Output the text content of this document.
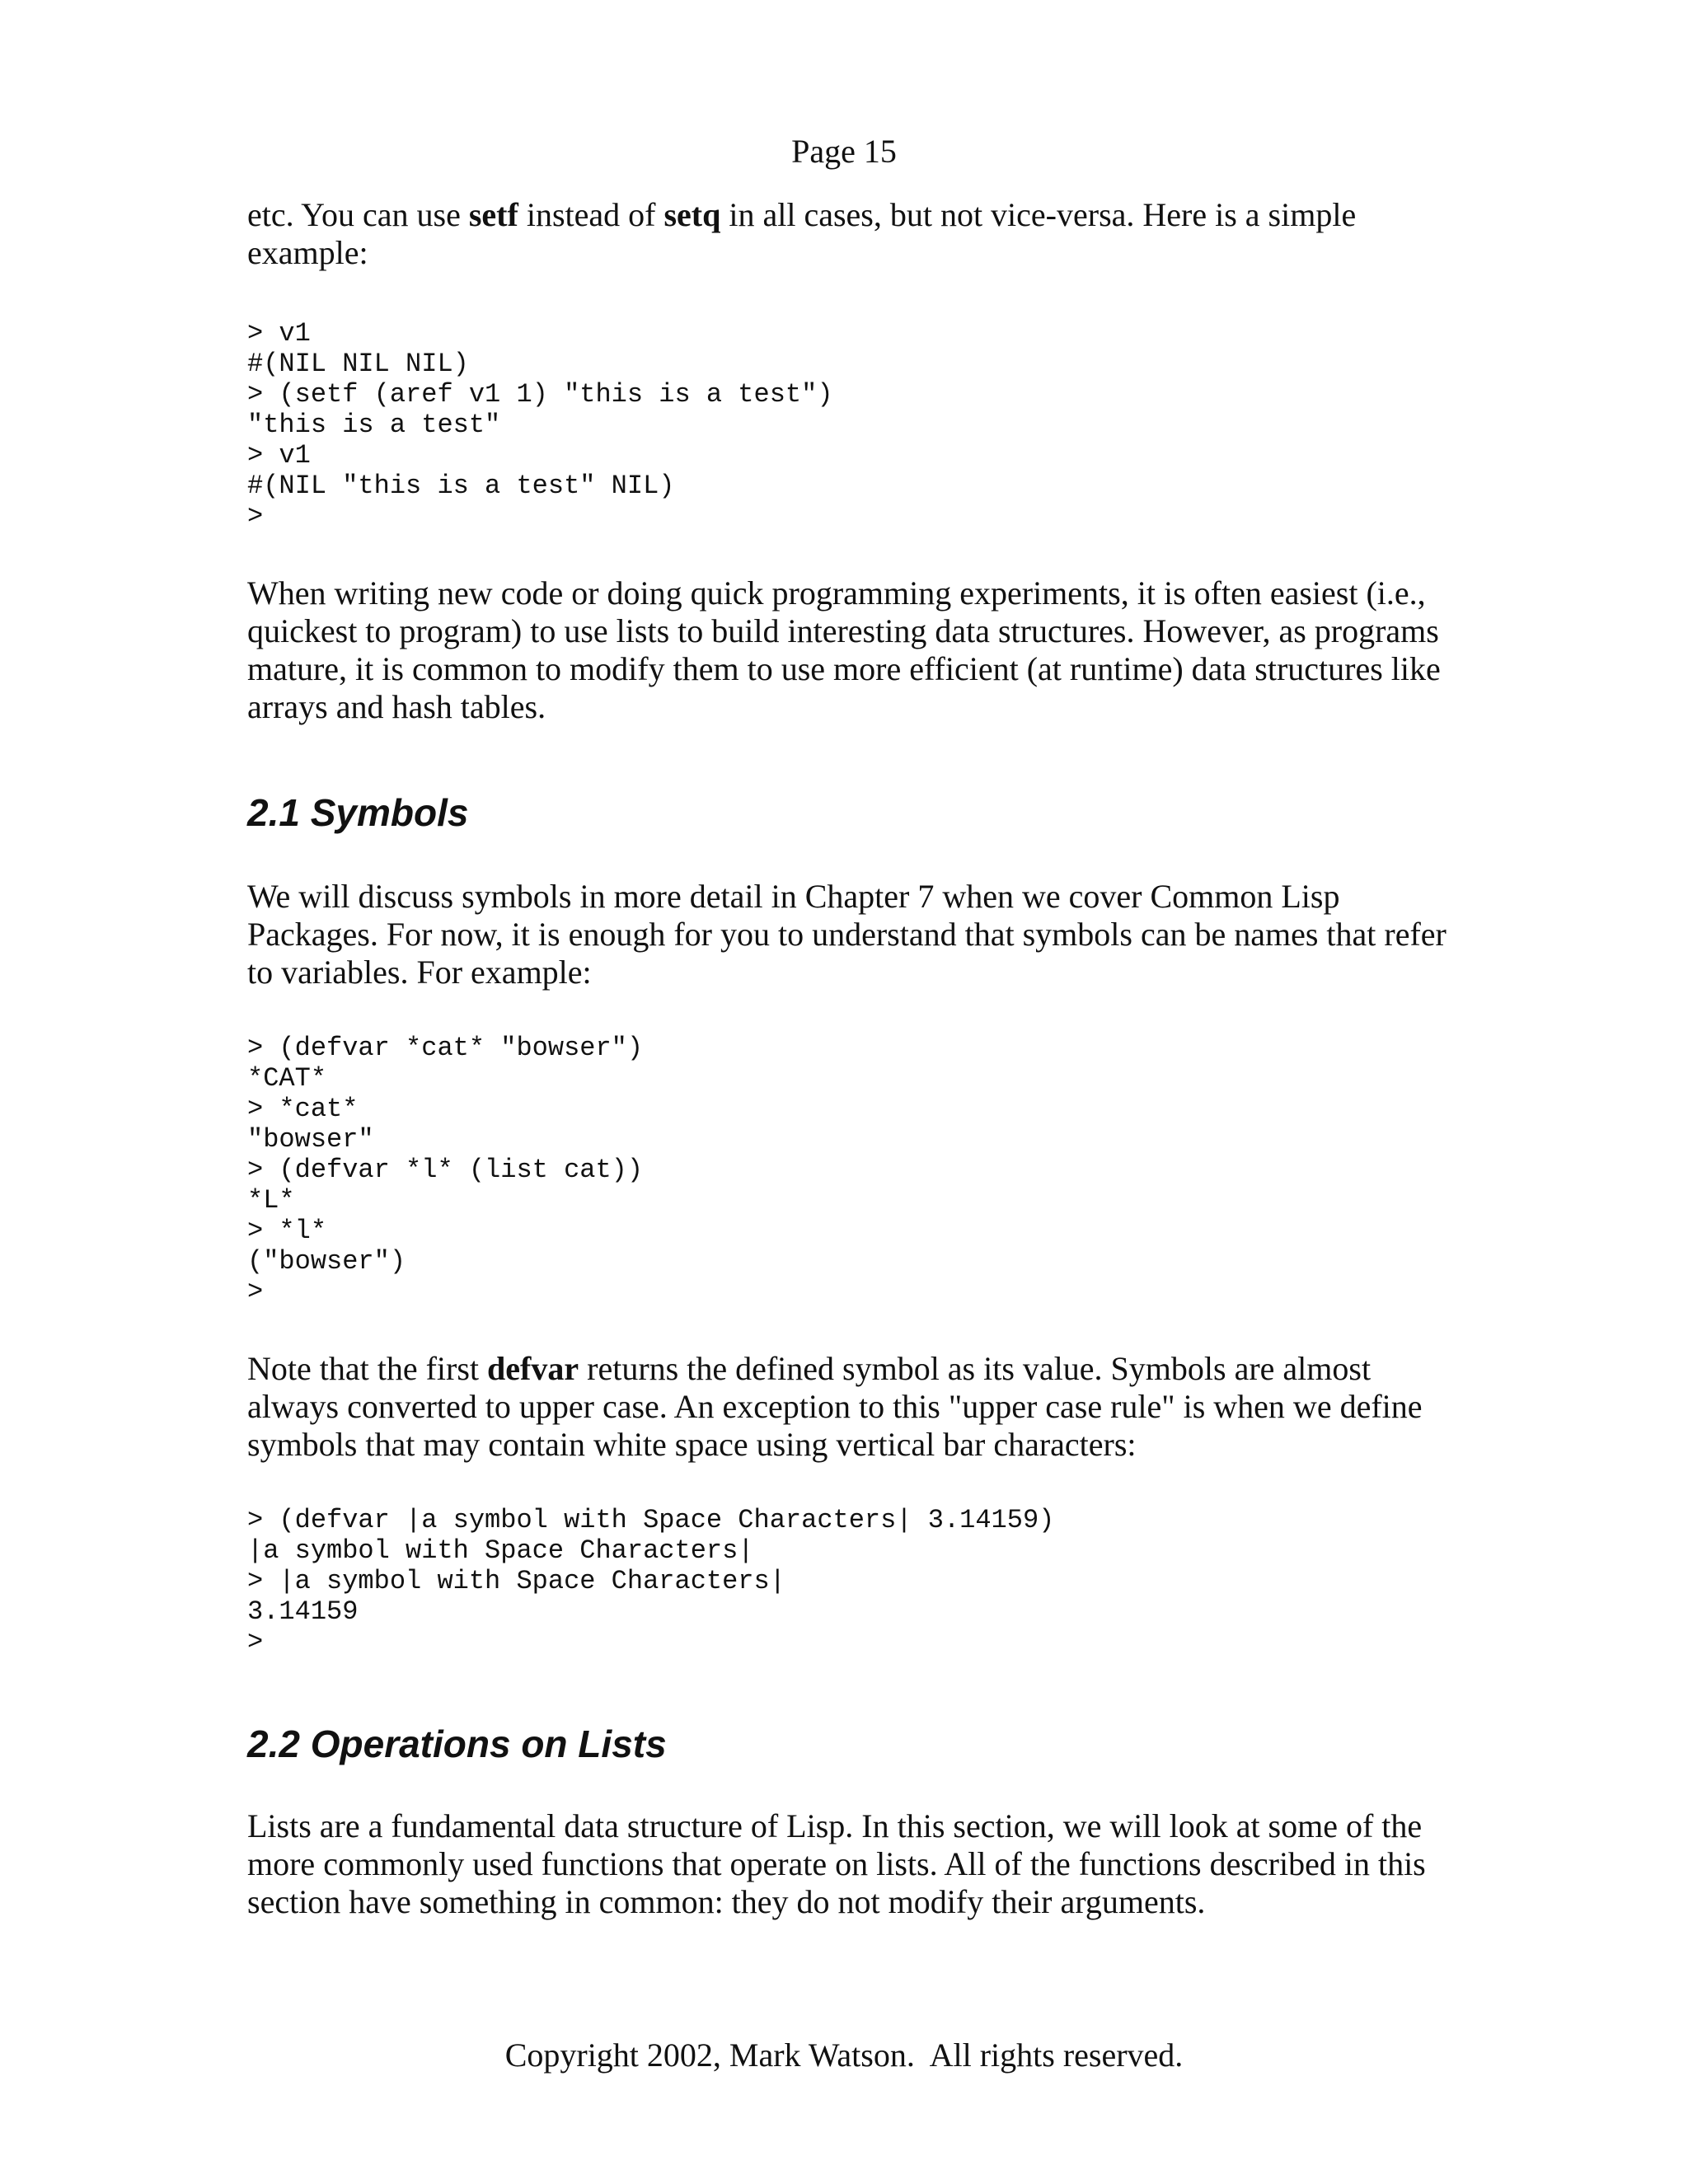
Page 15

etc. You can use setf instead of setq in all cases, but not vice-versa. Here is a simple example:

> v1
#(NIL NIL NIL)
> (setf (aref v1 1) "this is a test")
"this is a test"
> v1
#(NIL "this is a test" NIL)
>

When writing new code or doing quick programming experiments, it is often easiest (i.e., quickest to program) to use lists to build interesting data structures. However, as programs mature, it is common to modify them to use more efficient (at runtime) data structures like arrays and hash tables.

2.1 Symbols

We will discuss symbols in more detail in Chapter 7 when we cover Common Lisp Packages. For now, it is enough for you to understand that symbols can be names that refer to variables. For example:

> (defvar *cat* "bowser")
*CAT*
> *cat*
"bowser"
> (defvar *l* (list cat))
*L*
> *l*
("bowser")
>

Note that the first defvar returns the defined symbol as its value. Symbols are almost always converted to upper case. An exception to this "upper case rule" is when we define symbols that may contain white space using vertical bar characters:

> (defvar |a symbol with Space Characters| 3.14159)
|a symbol with Space Characters|
> |a symbol with Space Characters|
3.14159
>
2.2 Operations on Lists

Lists are a fundamental data structure of Lisp. In this section, we will look at some of the more commonly used functions that operate on lists. All of the functions described in this section have something in common: they do not modify their arguments.

Copyright 2002, Mark Watson.  All rights reserved.
